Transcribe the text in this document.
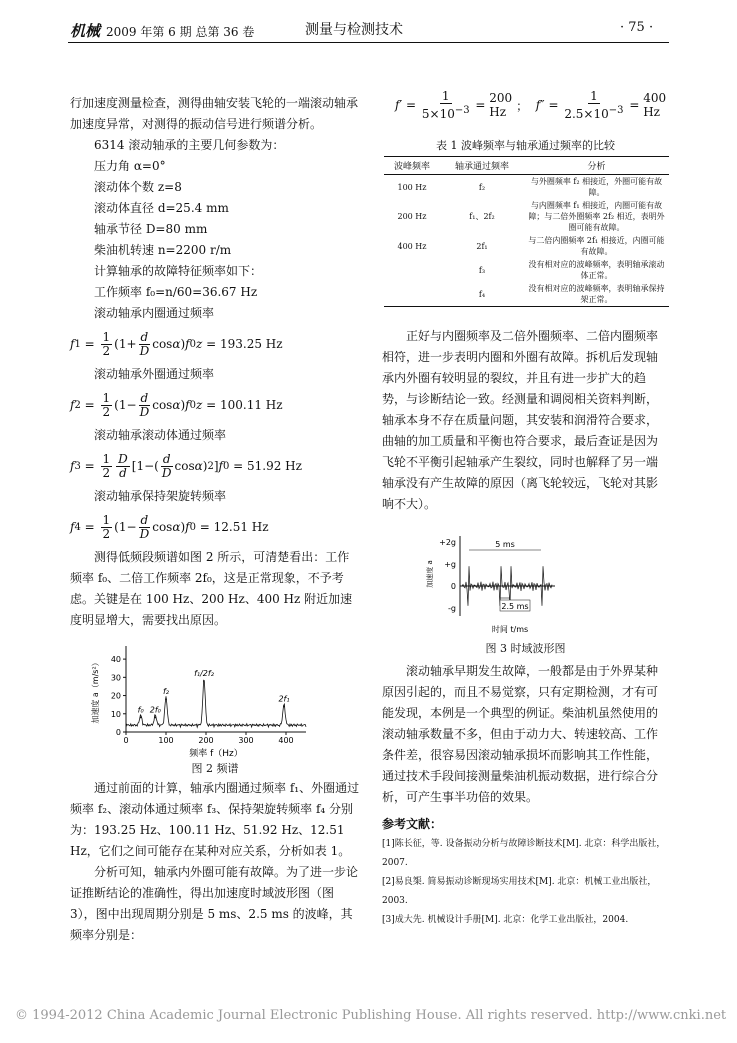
机械 2009 年第 6 期 总第 36 卷	测量与检测技术	· 75 ·

行加速度测量检查，测得曲轴安装飞轮的一端滚动轴承加速度异常，对测得的振动信号进行频谱分析。

6314 滚动轴承的主要几何参数为：

压力角 α=0°

滚动体个数 z=8

滚动体直径 d=25.4 mm

轴承节径 D=80 mm

柴油机转速 n=2200 r/m

计算轴承的故障特征频率如下：

工作频率 f₀=n/60=36.67 Hz

滚动轴承内圈通过频率

f $1 = \frac{1}{2} (1+ \frac{d}{D}$ cos α ) f 0 z = 193.25 Hz

滚动轴承外圈通过频率

f $2 = \frac{1}{2} (1- \frac{d}{D}$ cos α ) f 0 z = 100.11 Hz

滚动轴承滚动体通过频率

f $3 = \frac{1}{2} \frac{D}{d} [1-( \frac{d}{D}$ cos α ) 2 ] f 0 = 51.92 Hz

滚动轴承保持架旋转频率

f $4 = \frac{1}{2} (1- \frac{d}{D}$ cos α ) f 0 = 12.51 Hz

测得低频段频谱如图 2 所示，可清楚看出：工作频率 f₀、二倍工作频率 2f₀，这是正常现象，不予考虑。关键是在 100 Hz、200 Hz、400 Hz 附近加速度明显增大，需要找出原因。

0	100	200	300	400
0
10
20
30
40
频率 f（Hz）
加速度 a（m/s²）	f₀ 2f₀
f₂
f₁/2f₂
2f₁
图 2 频谱

通过前面的计算，轴承内圈通过频率 f₁、外圈通过频率 f₂、滚动体通过频率 f₃、保持架旋转频率 f₄ 分别为：193.25 Hz、100.11 Hz、51.92 Hz、12.51 Hz，它们之间可能存在某种对应关系，分析如表 1。

分析可知，轴承内外圈可能有故障。为了进一步论证推断结论的准确性，得出加速度时域波形图（图 3），图中出现周期分别是 5 ms、2.5 ms 的波峰，其频率分别是：

f ′ = $\frac{1}{5\times 10^{-3}} = 200$ Hz ； f ″ = $\frac{1}{2.5\times 10^{-3}} = 400$ Hz
表 1 波峰频率与轴承通过频率的比较
波峰频率	轴承通过频率	分析
100 Hz	f₂	与外圈频率 f₂ 相接近，外圈可能有故障。
200 Hz	f₁、2f₂	与内圈频率 f₁ 相接近，内圈可能有故障；与二倍外圈频率 2f₂ 相近，表明外圈可能有故障。
400 Hz	2f₁	与二倍内圈频率 2f₁ 相接近，内圈可能有故障。
	f₃	没有相对应的波峰频率，表明轴承滚动体正常。
	f₄	没有相对应的波峰频率，表明轴承保持架正常。

正好与内圈频率及二倍外圈频率、二倍内圈频率相符，进一步表明内圈和外圈有故障。拆机后发现轴承内外圈有较明显的裂纹，并且有进一步扩大的趋势，与诊断结论一致。经测量和调阅相关资料判断，轴承本身不存在质量问题，其安装和润滑符合要求，曲轴的加工质量和平衡也符合要求，最后查证是因为飞轮不平衡引起轴承产生裂纹，同时也解释了另一端轴承没有产生故障的原因（离飞轮较远，飞轮对其影响不大）。

+2g
+g
0
-g
加速度 a
时间 t/ms
5 ms
2.5 ms
图 3 时域波形图

滚动轴承早期发生故障，一般都是由于外界某种原因引起的，而且不易觉察，只有定期检测，才有可能发现，本例是一个典型的例证。柴油机虽然使用的滚动轴承数量不多，但由于动力大、转速较高、工作条件差，很容易因滚动轴承损坏而影响其工作性能，通过技术手段间接测量柴油机振动数据，进行综合分析，可产生事半功倍的效果。

参考文献：

[1]陈长征，等. 设备振动分析与故障诊断技术[M]. 北京：科学出版社，2007.

[2]易良榘. 简易振动诊断现场实用技术[M]. 北京：机械工业出版社，2003.

[3]成大先. 机械设计手册[M]. 北京：化学工业出版社，2004.

© 1994-2012 China Academic Journal Electronic Publishing House. All rights reserved. http://www.cnki.net
